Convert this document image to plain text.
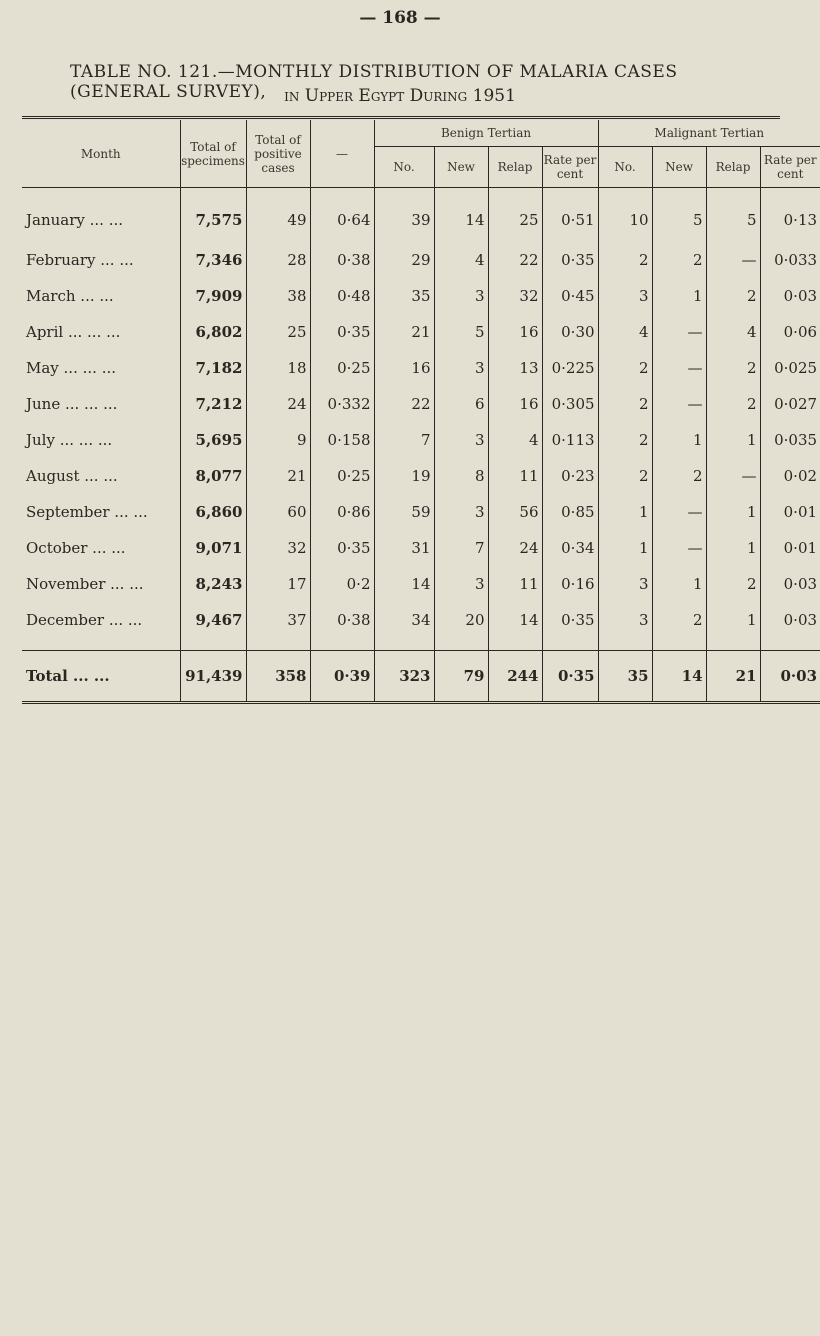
— 168 —
TABLE NO. 121.—MONTHLY DISTRIBUTION OF MALARIA CASES (GENERAL SURVEY),	in Upper Egypt During 1951
Month	Total of specimens	Total of positive cases	—	Benign Tertian				Malignant Tertian			
				No.	New	Relap	Rate per cent	No.	New	Relap	Rate per cent
January ... ...	7,575	49	0·64	39	14	25	0·51	10	5	5	0·13
February ... ...	7,346	28	0·38	29	4	22	0·35	2	2	—	0·033
March ... ...	7,909	38	0·48	35	3	32	0·45	3	1	2	0·03
April ... ... ...	6,802	25	0·35	21	5	16	0·30	4	—	4	0·06
May ... ... ...	7,182	18	0·25	16	3	13	0·225	2	—	2	0·025
June ... ... ...	7,212	24	0·332	22	6	16	0·305	2	—	2	0·027
July ... ... ...	5,695	9	0·158	7	3	4	0·113	2	1	1	0·035
August ... ...	8,077	21	0·25	19	8	11	0·23	2	2	—	0·02
September ... ...	6,860	60	0·86	59	3	56	0·85	1	—	1	0·01
October ... ...	9,071	32	0·35	31	7	24	0·34	1	—	1	0·01
November ... ...	8,243	17	0·2	14	3	11	0·16	3	1	2	0·03
December ... ...	9,467	37	0·38	34	20	14	0·35	3	2	1	0·03

Total ... ...	91,439	358	0·39	323	79	244	0·35	35	14	21	0·03
